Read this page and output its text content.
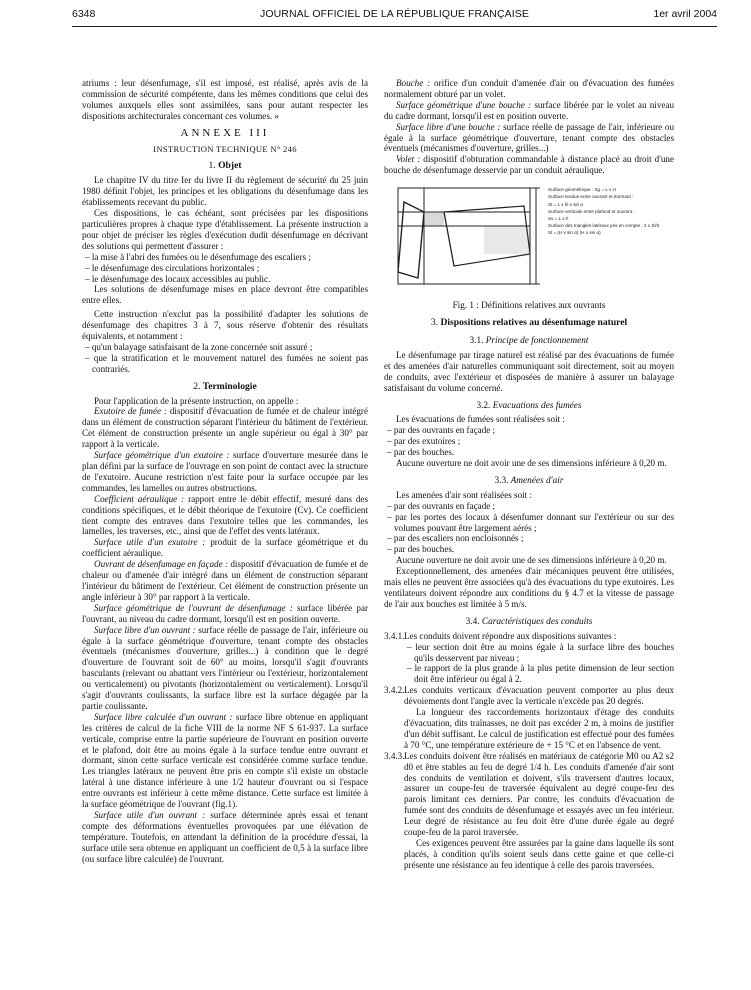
6348	JOURNAL OFFICIEL DE LA RÉPUBLIQUE FRANÇAISE	1er avril 2004

atriums : leur désenfumage, s'il est imposé, est réalisé, après avis de la commission de sécurité compétente, dans les mêmes conditions que celui des volumes auxquels elles sont assimilées, sans pour autant respecter les dispositions architecturales concernant ces volumes. »

ANNEXE III
INSTRUCTION TECHNIQUE N° 246
1. Objet

Le chapitre IV du titre Ier du livre II du règlement de sécurité du 25 juin 1980 définit l'objet, les principes et les obligations du désenfumage dans les établissements recevant du public.

Ces dispositions, le cas échéant, sont précisées par les dispositions particulières propres à chaque type d'établissement. La présente instruction a pour objet de préciser les règles d'exécution dudit désenfumage en décrivant des solutions qui permettent d'assurer :

– la mise à l'abri des fumées ou le désenfumage des escaliers ;
– le désenfumage des circulations horizontales ;
– le désenfumage des locaux accessibles au public.

Les solutions de désenfumage mises en place devront être compatibles entre elles.

Cette instruction n'exclut pas la possibilité d'adapter les solutions de désenfumage des chapitres 3 à 7, sous réserve d'obtenir des résultats équivalents, et notamment :

– qu'un balayage satisfaisant de la zone concernée soit assuré ;
– que la stratification et le mouvement naturel des fumées ne soient pas contrariés.
2. Terminologie

Pour l'application de la présente instruction, on appelle :

Exutoire de fumée : dispositif d'évacuation de fumée et de chaleur intégré dans un élément de construction séparant l'intérieur du bâtiment de l'extérieur. Cet élément de construction présente un angle supérieur ou égal à 30° par rapport à la verticale.

Surface géométrique d'un exutoire : surface d'ouverture mesurée dans le plan défini par la surface de l'ouvrage en son point de contact avec la structure de l'exutoire. Aucune restriction n'est faite pour la surface occupée par les commandes, les lamelles ou autres obstructions.

Coefficient aéraulique : rapport entre le débit effectif, mesuré dans des conditions spécifiques, et le débit théorique de l'exutoire (Cv). Ce coefficient tient compte des entraves dans l'exutoire telles que les commandes, les lamelles, les traverses, etc., ainsi que de l'effet des vents latéraux.

Surface utile d'un exutoire : produit de la surface géométrique et du coefficient aéraulique.

Ouvrant de désenfumage en façade : dispositif d'évacuation de fumée et de chaleur ou d'amenée d'air intégré dans un élément de construction séparant l'intérieur du bâtiment de l'extérieur. Cet élément de construction présente un angle inférieur à 30° par rapport à la verticale.

Surface géométrique de l'ouvrant de désenfumage : surface libérée par l'ouvrant, au niveau du cadre dormant, lorsqu'il est en position ouverte.

Surface libre d'un ouvrant : surface réelle de passage de l'air, inférieure ou égale à la surface géométrique d'ouverture, tenant compte des obstacles éventuels (mécanismes d'ouverture, grilles...) à condition que le degré d'ouverture de l'ouvrant soit de 60° au moins, lorsqu'il s'agit d'ouvrants basculants (relevant ou abattant vers l'intérieur ou l'extérieur, horizontalement ou verticalement) ou pivotants (horizontalement ou verticalement). Lorsqu'il s'agit d'ouvrants coulissants, la surface libre est la surface dégagée par la partie coulissante.

Surface libre calculée d'un ouvrant : surface libre obtenue en appliquant les critères de calcul de la fiche VIII de la norme NF S 61-937. La surface verticale, comprise entre la partie supérieure de l'ouvrant en position ouverte et le plafond, doit être au moins égale à la surface tendue entre ouvrant et dormant, sinon cette surface verticale est considérée comme surface tendue. Les triangles latéraux ne peuvent être pris en compte s'il existe un obstacle latéral à une distance inférieure à une 1/2 hauteur d'ouvrant ou si l'espace entre ouvrants est inférieur à cette même distance. Cette surface est limitée à la surface géométrique de l'ouvrant (fig.1).

Surface utile d'un ouvrant : surface déterminée après essai et tenant compte des déformations éventuelles provoquées par une élévation de température. Toutefois, en attendant la définition de la procédure d'essai, la surface utile sera obtenue en appliquant un coefficient de 0,5 à la surface libre (ou surface libre calculée) de l'ouvrant.

Bouche : orifice d'un conduit d'amenée d'air ou d'évacuation des fumées normalement obturé par un volet.

Surface géométrique d'une bouche : surface libérée par le volet au niveau du cadre dormant, lorsqu'il est en position ouverte.

Surface libre d'une bouche : surface réelle de passage de l'air, inférieure ou égale à la surface géométrique d'ouverture, tenant compte des obstacles éventuels (mécanismes d'ouverture, grilles...)

Volet : dispositif d'obturation commandable à distance placé au droit d'une bouche de désenfumage desservie par un conduit aéraulique.

Surface géométrique : Sg = L x H
Surface tendue entre ouvrant et dormant :
St = L x hl x sin α
Surface verticale entre plafond et ouvrant :
Sv = L x h
Surface des triangles latéraux pris en compte : 2 x Sl/2
Sl = (H x sin α) (H x sin α)
Fig. 1 : Définitions relatives aux ouvrants
3. Dispositions relatives au désenfumage naturel
3.1. Principe de fonctionnement

Le désenfumage par tirage naturel est réalisé par des évacuations de fumée et des amenées d'air naturelles communiquant soit directement, soit au moyen de conduits, avec l'extérieur et disposées de manière à assurer un balayage satisfaisant du volume concerné.

3.2. Evacuations des fumées

Les évacuations de fumées sont réalisées soit :

– par des ouvrants en façade ;
– par des exutoires ;
– par des bouches.

Aucune ouverture ne doit avoir une de ses dimensions inférieure à 0,20 m.

3.3. Amenées d'air

Les amenées d'air sont réalisées soit :

– par des ouvrants en façade ;
– par les portes des locaux à désenfumer donnant sur l'extérieur ou sur des volumes pouvant être largement aérés ;
– par des escaliers non encloisonnés ;
– par des bouches.

Aucune ouverture ne doit avoir une de ses dimensions inférieure à 0,20 m.

Exceptionnellement, des amenées d'air mécaniques peuvent être utilisées, mais elles ne peuvent être associées qu'à des évacuations du type exutoires. Les ventilateurs doivent répondre aux conditions du § 4.7 et la vitesse de passage de l'air aux bouches est limitée à 5 m/s.

3.4. Caractéristiques des conduits
3.4.1. Les conduits doivent répondre aux dispositions suivantes :

– leur section doit être au moins égale à la surface libre des bouches qu'ils desservent par niveau ;
– le rapport de la plus grande à la plus petite dimension de leur section doit être inférieur ou égal à 2.
3.4.2. Les conduits verticaux d'évacuation peuvent comporter au plus deux dévoiements dont l'angle avec la verticale n'excède pas 20 degrés.

La longueur des raccordements horizontaux d'étage des conduits d'évacuation, dits traînasses, ne doit pas excéder 2 m, à moins de justifier d'un débit suffisant. Le calcul de justification est effectué pour des fumées à 70 °C, une température extérieure de + 15 °C et en l'absence de vent.

3.4.3. Les conduits doivent être réalisés en matériaux de catégorie M0 ou A2 s2 d0 et être stables au feu de degré 1/4 h. Les conduits d'amenée d'air sont des conduits de ventilation et doivent, s'ils traversent d'autres locaux, assurer un coupe-feu de traversée équivalent au degré coupe-feu des parois limitant ces derniers. Par contre, les conduits d'évacuation de fumée sont des conduits de désenfumage et essayés avec un feu intérieur. Leur degré de résistance au feu doit être d'une durée égale au degré coupe-feu de la paroi traversée.

Ces exigences peuvent être assurées par la gaine dans laquelle ils sont placés, à condition qu'ils soient seuls dans cette gaine et que celle-ci présente une résistance au feu identique à celle des parois traversées.
